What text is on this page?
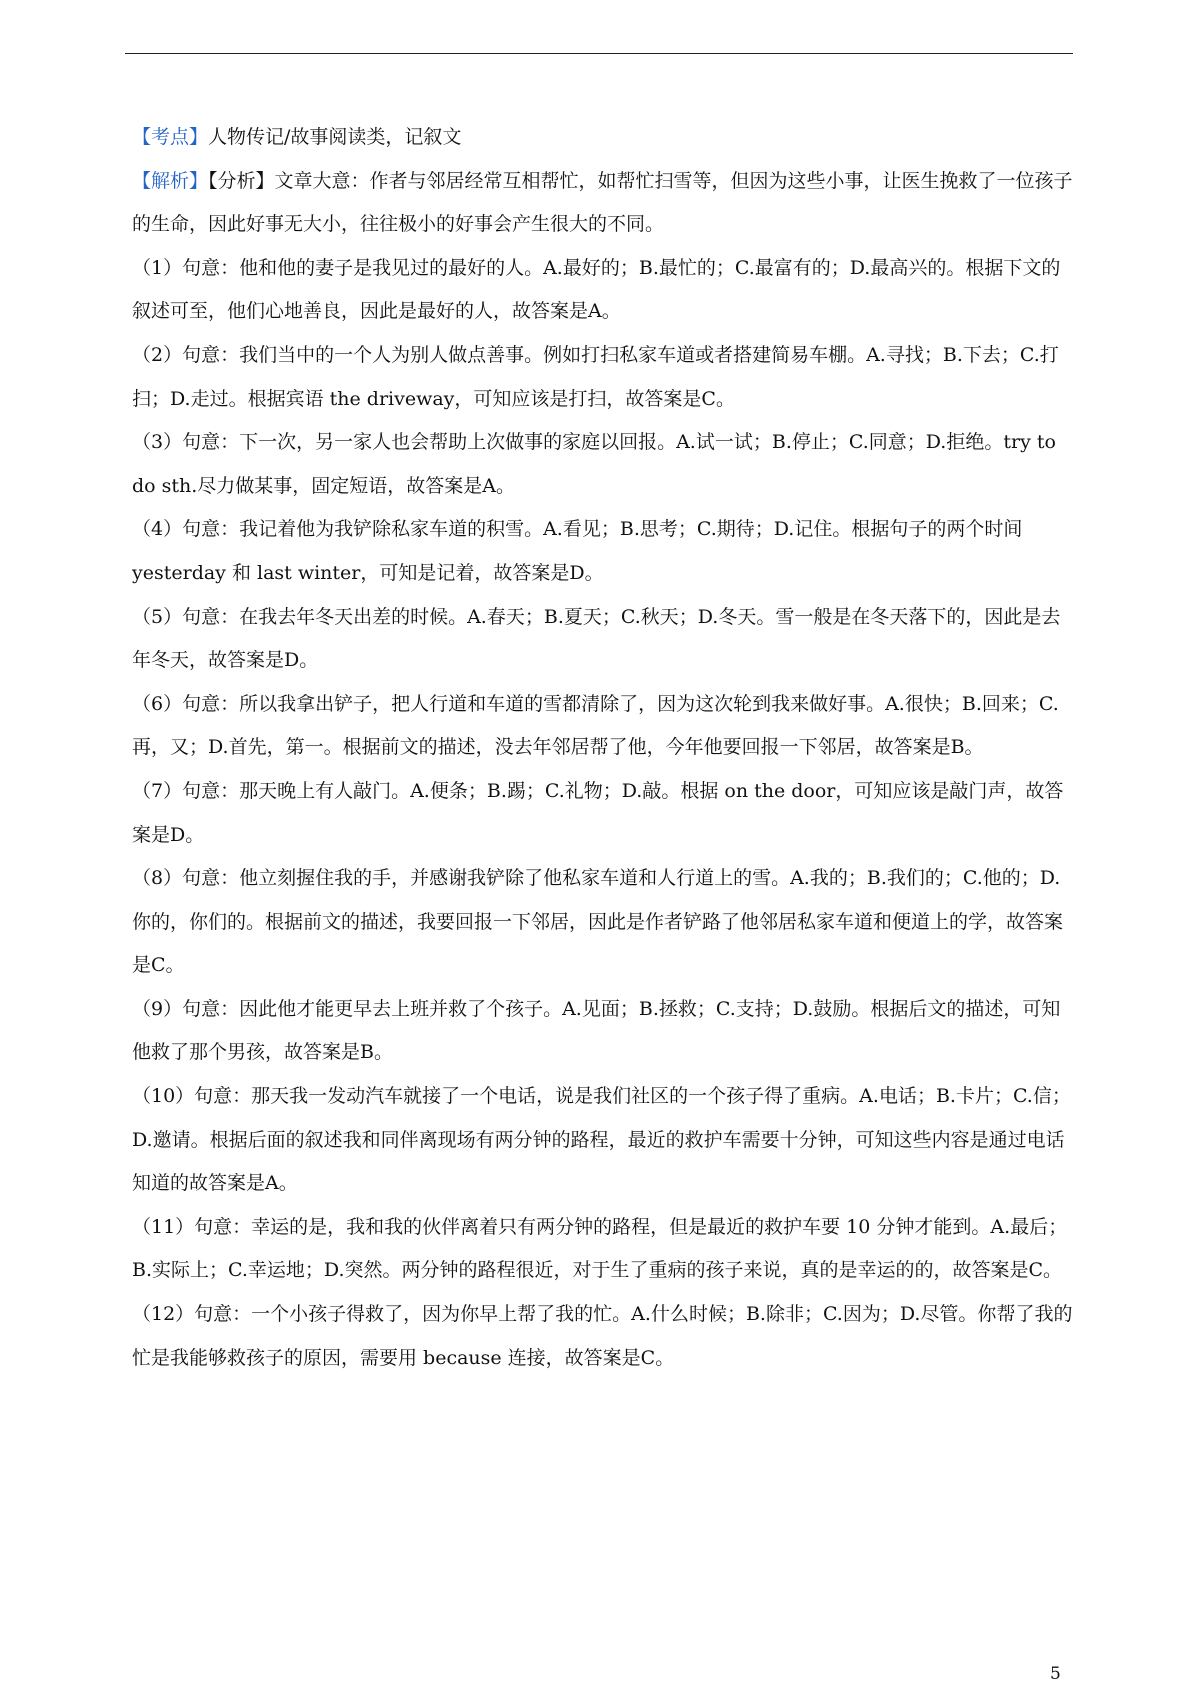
【考点】人物传记/故事阅读类，记叙文

【解析】【分析】文章大意：作者与邻居经常互相帮忙，如帮忙扫雪等，但因为这些小事，让医生挽救了一位孩子的生命，因此好事无大小，往往极小的好事会产生很大的不同。

（1）句意：他和他的妻子是我见过的最好的人。A.最好的；B.最忙的；C.最富有的；D.最高兴的。根据下文的叙述可至，他们心地善良，因此是最好的人，故答案是A。

（2）句意：我们当中的一个人为别人做点善事。例如打扫私家车道或者搭建简易车棚。A.寻找；B.下去；C.打扫；D.走过。根据宾语 the driveway，可知应该是打扫，故答案是C。

（3）句意：下一次，另一家人也会帮助上次做事的家庭以回报。A.试一试；B.停止；C.同意；D.拒绝。try to do sth.尽力做某事，固定短语，故答案是A。

（4）句意：我记着他为我铲除私家车道的积雪。A.看见；B.思考；C.期待；D.记住。根据句子的两个时间 yesterday 和 last winter，可知是记着，故答案是D。

（5）句意：在我去年冬天出差的时候。A.春天；B.夏天；C.秋天；D.冬天。雪一般是在冬天落下的，因此是去年冬天，故答案是D。

（6）句意：所以我拿出铲子，把人行道和车道的雪都清除了，因为这次轮到我来做好事。A.很快；B.回来；C.再，又；D.首先，第一。根据前文的描述，没去年邻居帮了他，今年他要回报一下邻居，故答案是B。

（7）句意：那天晚上有人敲门。A.便条；B.踢；C.礼物；D.敲。根据 on the door，可知应该是敲门声，故答案是D。

（8）句意：他立刻握住我的手，并感谢我铲除了他私家车道和人行道上的雪。A.我的；B.我们的；C.他的；D.你的，你们的。根据前文的描述，我要回报一下邻居，因此是作者铲路了他邻居私家车道和便道上的学，故答案是C。

（9）句意：因此他才能更早去上班并救了个孩子。A.见面；B.拯救；C.支持；D.鼓励。根据后文的描述，可知他救了那个男孩，故答案是B。

（10）句意：那天我一发动汽车就接了一个电话，说是我们社区的一个孩子得了重病。A.电话；B.卡片；C.信；D.邀请。根据后面的叙述我和同伴离现场有两分钟的路程，最近的救护车需要十分钟，可知这些内容是通过电话知道的故答案是A。

（11）句意：幸运的是，我和我的伙伴离着只有两分钟的路程，但是最近的救护车要 10 分钟才能到。A.最后；B.实际上；C.幸运地；D.突然。两分钟的路程很近，对于生了重病的孩子来说，真的是幸运的的，故答案是C。

（12）句意：一个小孩子得救了，因为你早上帮了我的忙。A.什么时候；B.除非；C.因为；D.尽管。你帮了我的忙是我能够救孩子的原因，需要用 because 连接，故答案是C。

5
